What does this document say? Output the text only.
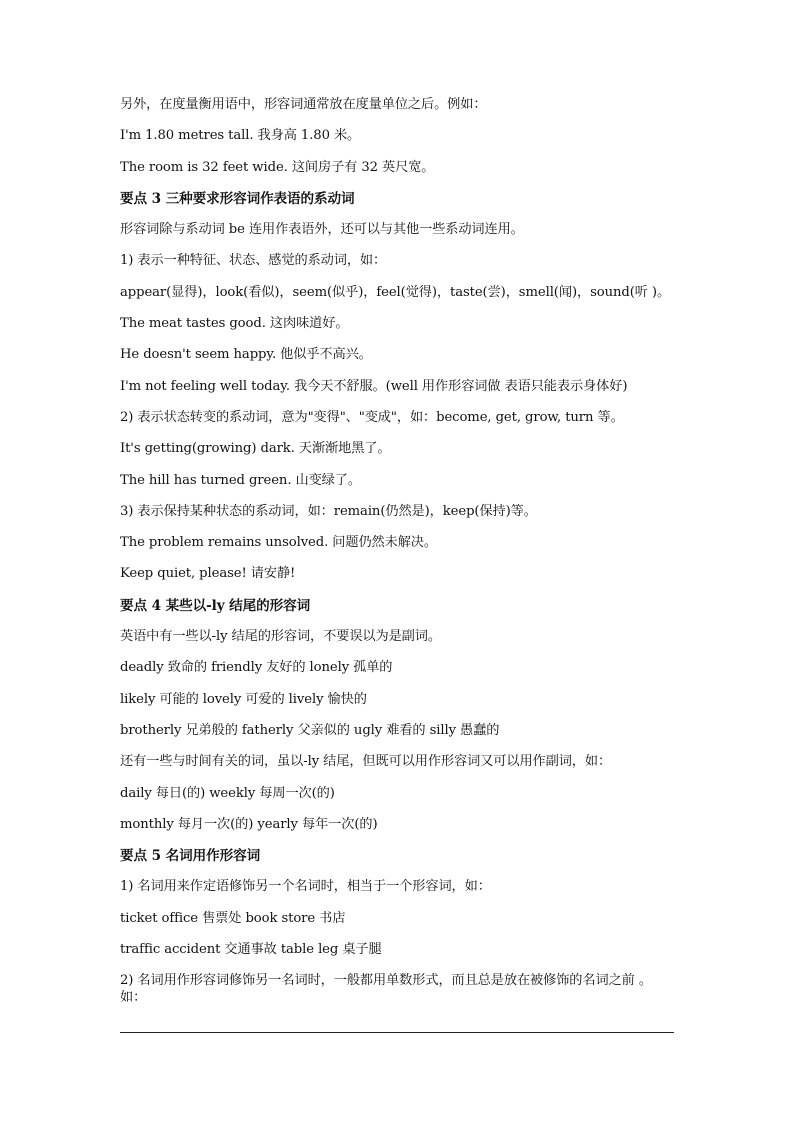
另外，在度量衡用语中，形容词通常放在度量单位之后。例如：
I'm 1.80 metres tall. 我身高 1.80 米。
The room is 32 feet wide. 这间房子有 32 英尺宽。
要点 3 三种要求形容词作表语的系动词
形容词除与系动词 be 连用作表语外，还可以与其他一些系动词连用。
1) 表示一种特征、状态、感觉的系动词，如：
appear(显得)，look(看似)，seem(似乎)，feel(觉得)，taste(尝)，smell(闻)，sound(听 )。
The meat tastes good. 这肉味道好。
He doesn't seem happy. 他似乎不高兴。
I'm not feeling well today. 我今天不舒服。(well 用作形容词做 表语只能表示身体好)
2) 表示状态转变的系动词，意为"变得"、"变成"，如：become, get, grow, turn 等。
It's getting(growing) dark. 天渐渐地黑了。
The hill has turned green. 山变绿了。
3) 表示保持某种状态的系动词，如：remain(仍然是)，keep(保持)等。
The problem remains unsolved. 问题仍然未解决。
Keep quiet, please! 请安静!
要点 4 某些以-ly 结尾的形容词
英语中有一些以-ly 结尾的形容词，不要误以为是副词。
deadly 致命的 friendly 友好的 lonely 孤单的
likely 可能的 lovely 可爱的 lively 愉快的
brotherly 兄弟般的 fatherly 父亲似的 ugly 难看的 silly 愚蠢的
还有一些与时间有关的词，虽以-ly 结尾，但既可以用作形容词又可以用作副词，如：
daily 每日(的) weekly 每周一次(的)
monthly 每月一次(的) yearly 每年一次(的)
要点 5 名词用作形容词
1) 名词用来作定语修饰另一个名词时，相当于一个形容词，如：
ticket office 售票处 book store 书店
traffic accident 交通事故 table leg 桌子腿
2) 名词用作形容词修饰另一名词时，一般都用单数形式，而且总是放在被修饰的名词之前 。如：
